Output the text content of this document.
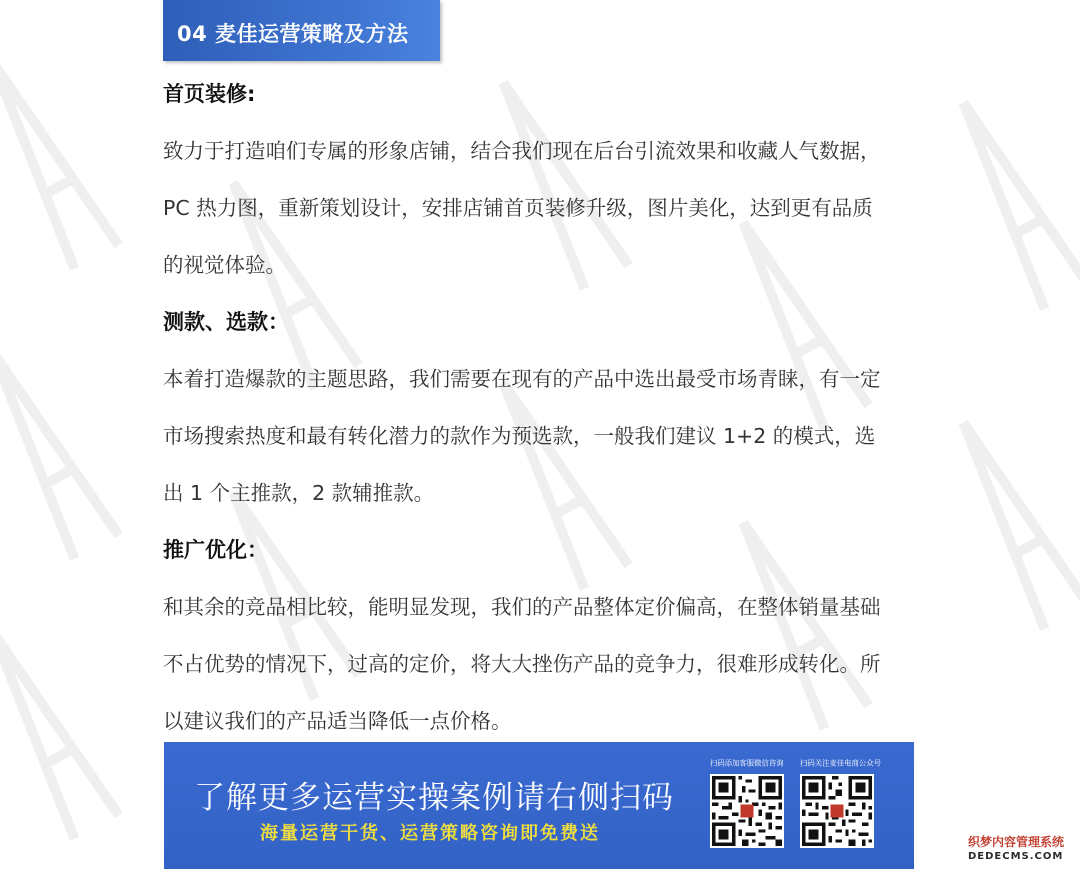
04 麦佳运营策略及方法
首页装修:
致力于打造咱们专属的形象店铺，结合我们现在后台引流效果和收藏人气数据，
PC 热力图，重新策划设计，安排店铺首页装修升级，图片美化，达到更有品质
的视觉体验。
测款、选款：
本着打造爆款的主题思路，我们需要在现有的产品中选出最受市场青睐，有一定
市场搜索热度和最有转化潜力的款作为预选款，一般我们建议 1+2 的模式，选
出 1 个主推款，2 款辅推款。
推广优化：
和其余的竞品相比较，能明显发现，我们的产品整体定价偏高，在整体销量基础
不占优势的情况下，过高的定价，将大大挫伤产品的竞争力，很难形成转化。所
以建议我们的产品适当降低一点价格。
了解更多运营实操案例请右侧扫码
海量运营干货、运营策略咨询即免费送
扫码添加客服微信咨询 扫码关注麦佳电商公众号
织梦内容管理系统
DEDECMS.COM
